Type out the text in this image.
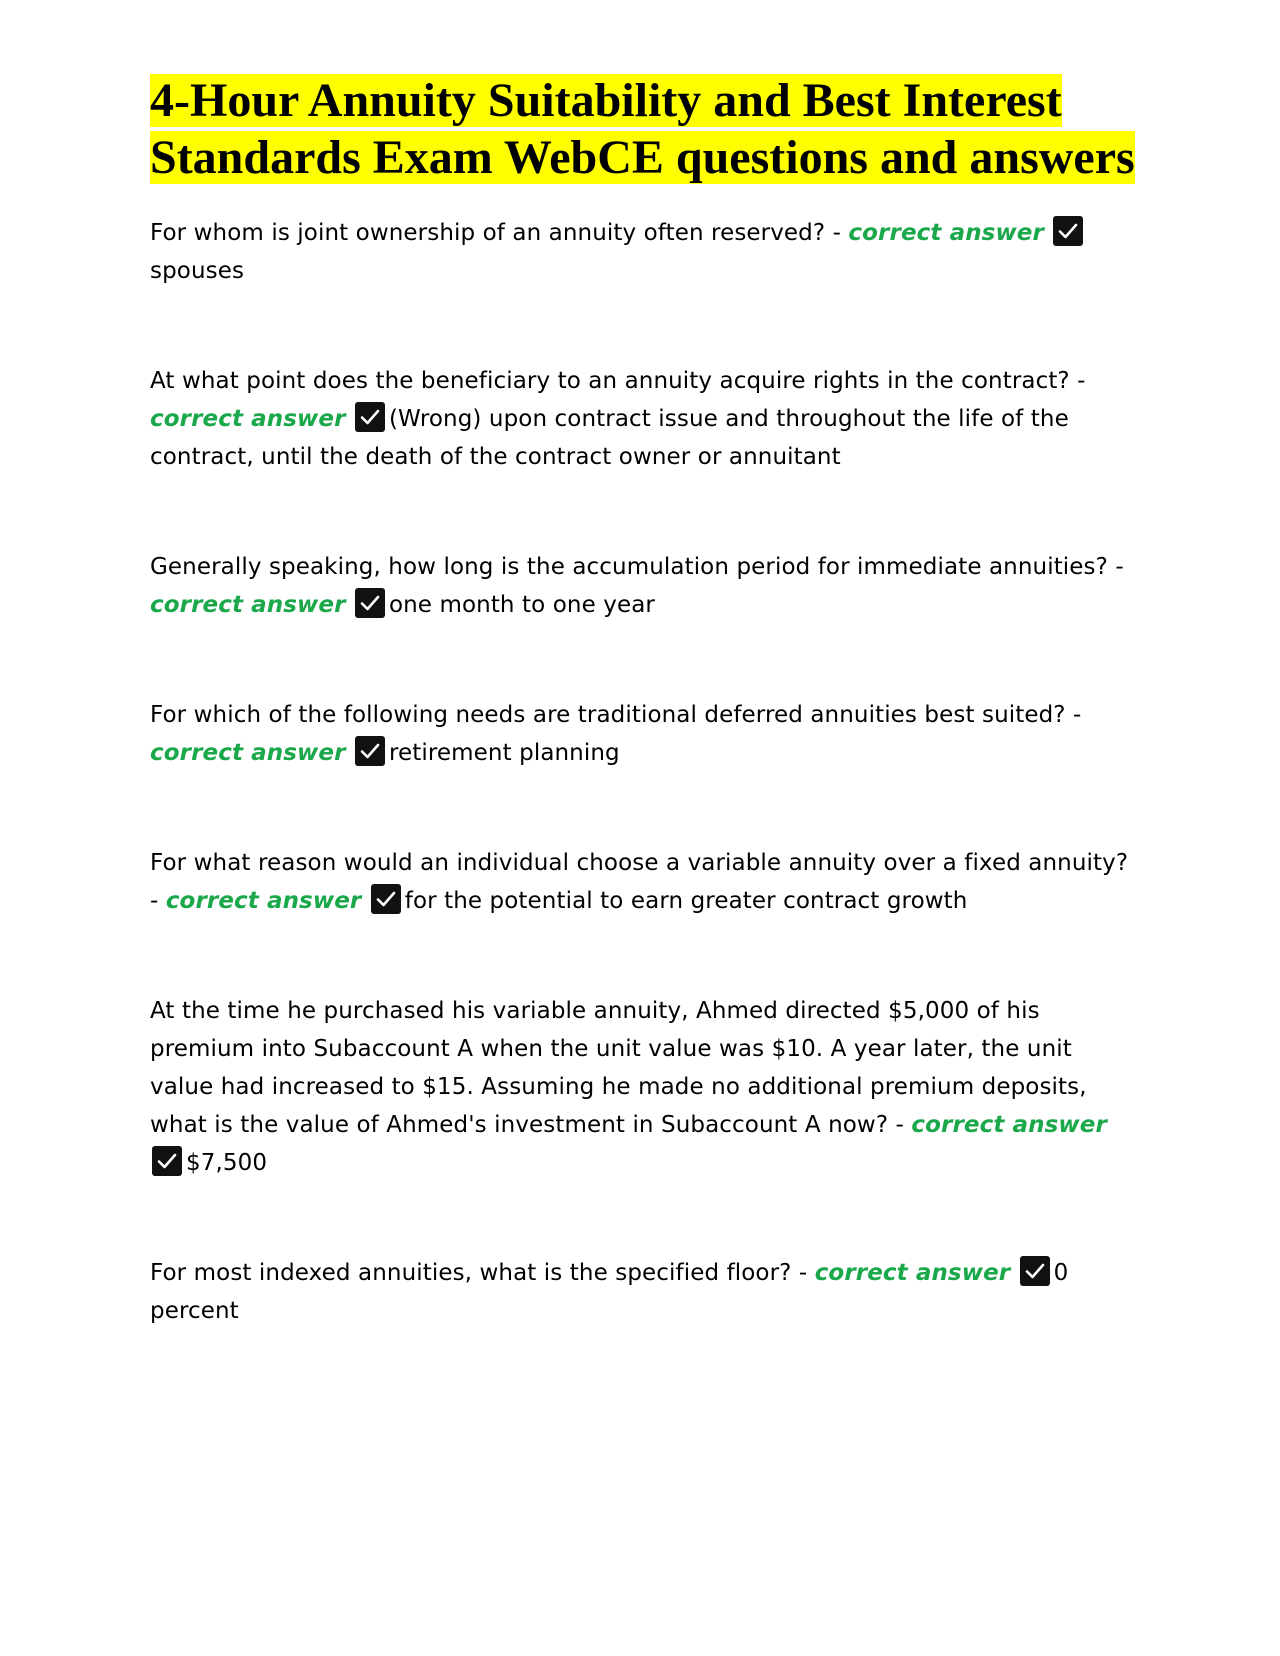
4-Hour Annuity Suitability and Best Interest Standards Exam WebCE questions and answers

For whom is joint ownership of an annuity often reserved? - correct answer
spouses

At what point does the beneficiary to an annuity acquire rights in the contract? - correct answer (Wrong) upon contract issue and throughout the life of the contract, until the death of the contract owner or annuitant

Generally speaking, how long is the accumulation period for immediate annuities? - correct answer one month to one year

For which of the following needs are traditional deferred annuities best suited? - correct answer retirement planning

For what reason would an individual choose a variable annuity over a fixed annuity? - correct answer for the potential to earn greater contract growth

At the time he purchased his variable annuity, Ahmed directed $5,000 of his premium into Subaccount A when the unit value was $10. A year later, the unit value had increased to $15. Assuming he made no additional premium deposits, what is the value of Ahmed's investment in Subaccount A now? - correct answer
$7,500

For most indexed annuities, what is the specified floor? - correct answer 0 percent
